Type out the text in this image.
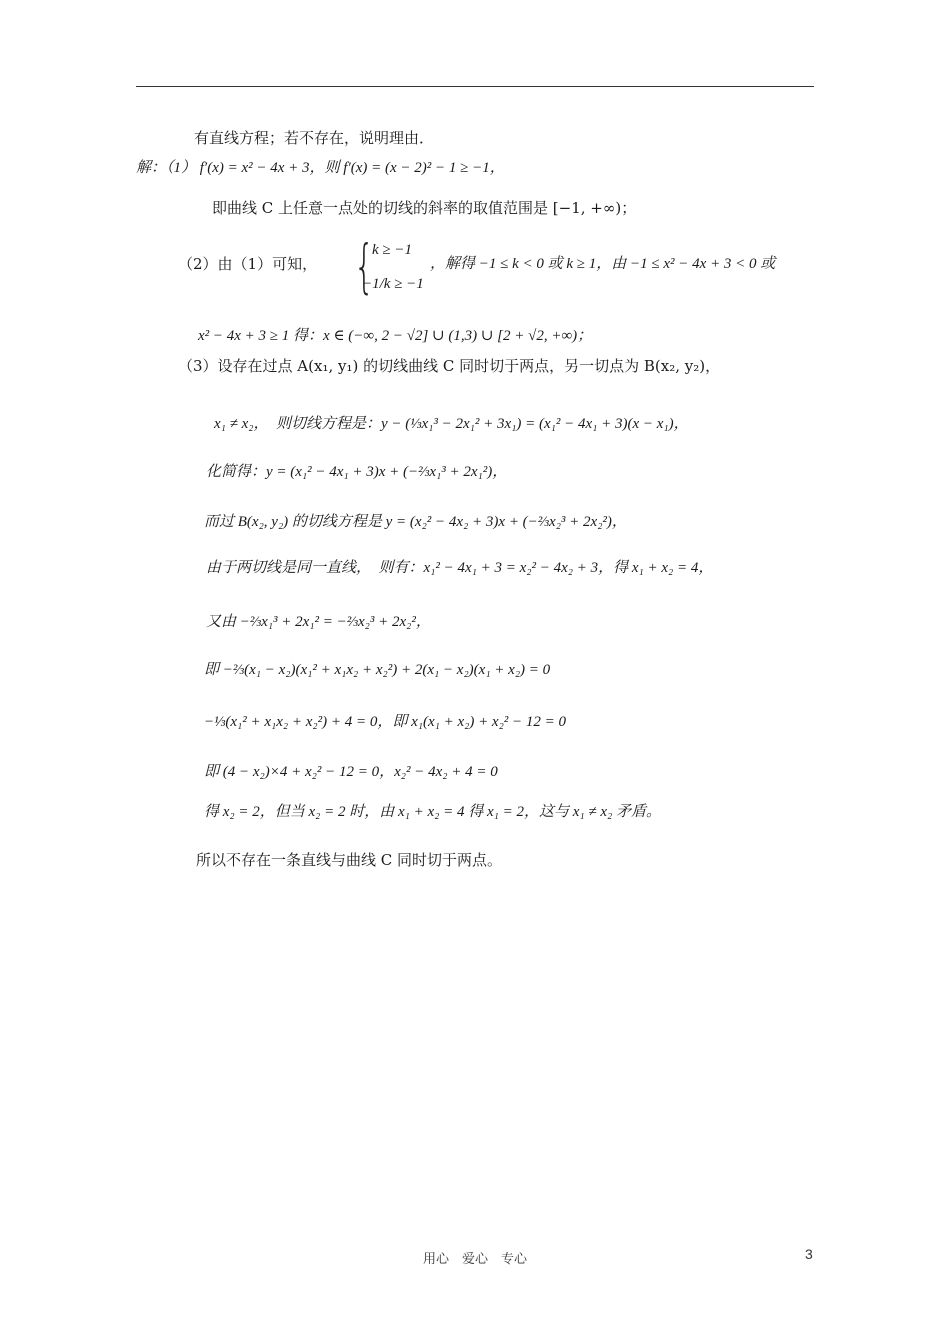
有直线方程；若不存在，说明理由．
解：（1） f′(x) = x² − 4x + 3，则 f′(x) = (x − 2)² − 1 ≥ −1，
即曲线 C 上任意一点处的切线的斜率的取值范围是 [−1, +∞)；
（2）由（1）可知， {
k ≥ −1
−1/k ≥ −1
，解得 −1 ≤ k < 0 或 k ≥ 1，由 −1 ≤ x² − 4x + 3 < 0 或
x² − 4x + 3 ≥ 1 得：x ∈ (−∞, 2 − √2] ∪ (1,3) ∪ [2 + √2, +∞)；
（3）设存在过点 A(x₁, y₁) 的切线曲线 C 同时切于两点，另一切点为 B(x₂, y₂)，
x₁ ≠ x₂，　则切线方程是：y − (⅓x₁³ − 2x₁² + 3x₁) = (x₁² − 4x₁ + 3)(x − x₁)，
化简得：y = (x₁² − 4x₁ + 3)x + (−⅔x₁³ + 2x₁²)，
而过 B(x₂, y₂) 的切线方程是 y = (x₂² − 4x₂ + 3)x + (−⅔x₂³ + 2x₂²)，
由于两切线是同一直线，　则有：x₁² − 4x₁ + 3 = x₂² − 4x₂ + 3，得 x₁ + x₂ = 4，
又由 −⅔x₁³ + 2x₁² = −⅔x₂³ + 2x₂²，
即 −⅔(x₁ − x₂)(x₁² + x₁x₂ + x₂²) + 2(x₁ − x₂)(x₁ + x₂) = 0
−⅓(x₁² + x₁x₂ + x₂²) + 4 = 0，即 x₁(x₁ + x₂) + x₂² − 12 = 0
即 (4 − x₂)×4 + x₂² − 12 = 0，x₂² − 4x₂ + 4 = 0
得 x₂ = 2，但当 x₂ = 2 时，由 x₁ + x₂ = 4 得 x₁ = 2，这与 x₁ ≠ x₂ 矛盾。
所以不存在一条直线与曲线 C 同时切于两点。
用心　爱心　专心	3
